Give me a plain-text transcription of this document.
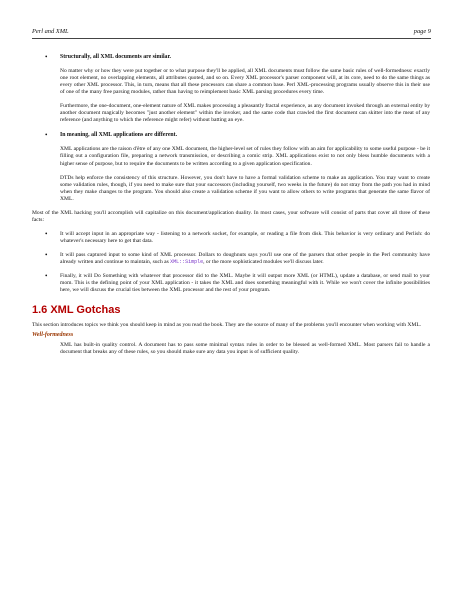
Perl and XML	page 9
• Structurally, all XML documents are similar.

No matter why or how they were put together or to what purpose they'll be applied, all XML documents must follow the same basic rules of well-formedness: exactly one root element, no overlapping elements, all attributes quoted, and so on. Every XML processor's parser component will, at its core, need to do the same things as every other XML processor. This, in turn, means that all these processors can share a common base. Perl XML-processing programs usually observe this in their use of one of the many free parsing modules, rather than having to reimplement basic XML parsing procedures every time.

Furthermore, the one-document, one-element nature of XML makes processing a pleasantly fractal experience, as any document invoked through an external entity by another document magically becomes "just another element" within the invoker, and the same code that crawled the first document can skitter into the meat of any reference (and anything to which the reference might refer) without batting an eye.

• In meaning, all XML applications are different.

XML applications are the raison d'être of any one XML document, the higher-level set of rules they follow with an aim for applicability to some useful purpose - be it filling out a configuration file, preparing a network transmission, or describing a comic strip. XML applications exist to not only bless humble documents with a higher sense of purpose, but to require the documents to be written according to a given application specification.

DTDs help enforce the consistency of this structure. However, you don't have to have a formal validation scheme to make an application. You may want to create some validation rules, though, if you need to make sure that your successors (including yourself, two weeks in the future) do not stray from the path you had in mind when they make changes to the program. You should also create a validation scheme if you want to allow others to write programs that generate the same flavor of XML.

Most of the XML hacking you'll accomplish will capitalize on this document/application duality. In most cases, your software will consist of parts that cover all three of these facts:

• It will accept input in an appropriate way - listening to a network socket, for example, or reading a file from disk. This behavior is very ordinary and Perlish: do whatever's necessary here to get that data.

• It will pass captured input to some kind of XML processor. Dollars to doughnuts says you'll use one of the parsers that other people in the Perl community have already written and continue to maintain, such as XML::Simple, or the more sophisticated modules we'll discuss later.

• Finally, it will Do Something with whatever that processor did to the XML. Maybe it will output more XML (or HTML), update a database, or send mail to your mom. This is the defining point of your XML application - it takes the XML and does something meaningful with it. While we won't cover the infinite possibilities here, we will discuss the crucial ties between the XML processor and the rest of your program.

1.6 XML Gotchas

This section introduces topics we think you should keep in mind as you read the book. They are the source of many of the problems you'll encounter when working with XML.

Well-formedness

XML has built-in quality control. A document has to pass some minimal syntax rules in order to be blessed as well-formed XML. Most parsers fail to handle a document that breaks any of these rules, so you should make sure any data you input is of sufficient quality.
